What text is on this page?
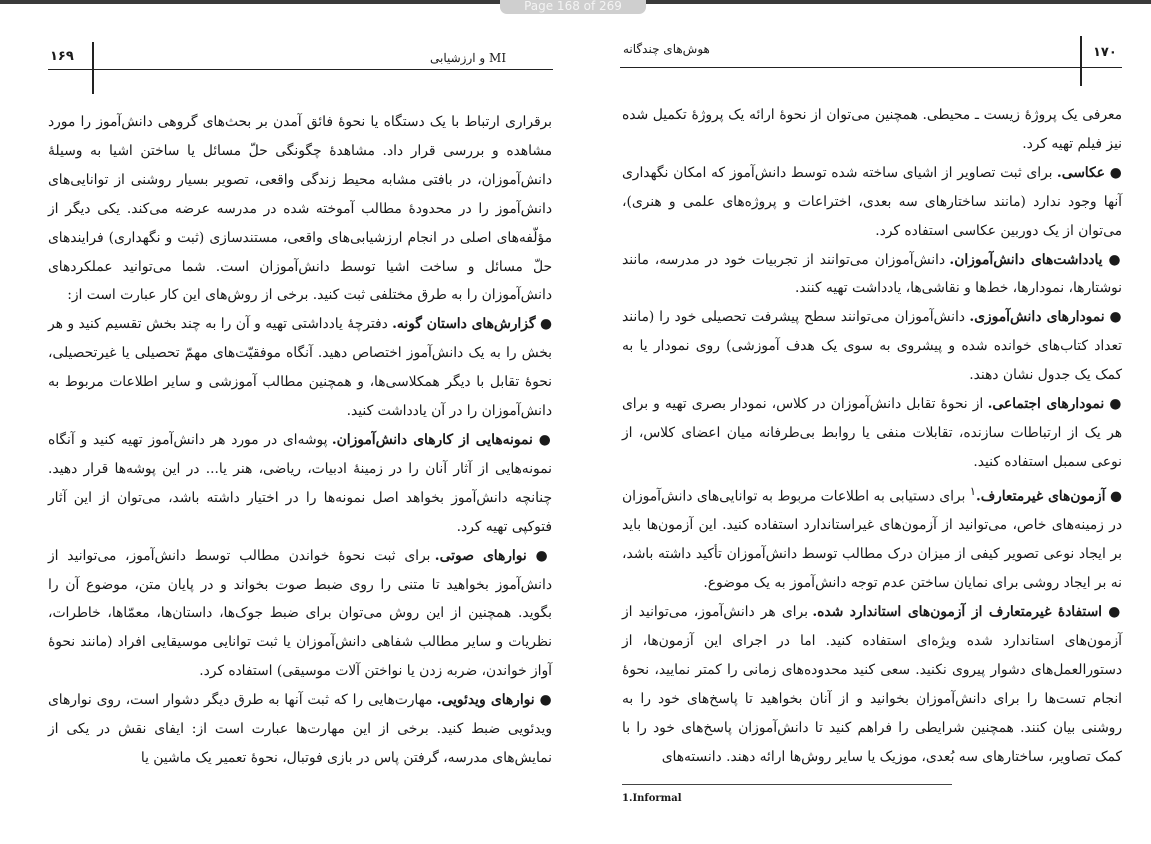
Page 168 of 269
۱۶۹	MI و ارزشیابی

برقراری ارتباط با یک دستگاه یا نحوهٔ فائق آمدن بر بحث‌های گروهی دانش‌آموز را مورد مشاهده و بررسی قرار داد. مشاهدهٔ چگونگی حلّ مسائل یا ساختن اشیا به وسیلهٔ دانش‌آموزان، در بافتی مشابه محیط زندگی واقعی، تصویر بسیار روشنی از توانایی‌های دانش‌آموز را در محدودهٔ مطالب آموخته شده در مدرسه عرضه می‌کند. یکی دیگر از مؤلّفه‌های اصلی در انجام ارزشیابی‌های واقعی، مستندسازی (ثبت و نگهداری) فرایندهای حلّ مسائل و ساخت اشیا توسط دانش‌آموزان است. شما می‌توانید عملکردهای دانش‌آموزان را به طرق مختلفی ثبت کنید. برخی از روش‌های این کار عبارت است از:

● گزارش‌های داستان گونه. دفترچهٔ یادداشتی تهیه و آن را به چند بخش تقسیم کنید و هر بخش را به یک دانش‌آموز اختصاص دهید. آنگاه موفقیّت‌های مهمّ تحصیلی یا غیرتحصیلی، نحوهٔ تقابل با دیگر همکلاسی‌ها، و همچنین مطالب آموزشی و سایر اطلاعات مربوط به دانش‌آموزان را در آن یادداشت کنید.

● نمونه‌هایی از کارهای دانش‌آموزان. پوشه‌ای در مورد هر دانش‌آموز تهیه کنید و آنگاه نمونه‌هایی از آثار آنان را در زمینهٔ ادبیات، ریاضی، هنر یا... در این پوشه‌ها قرار دهید. چنانچه دانش‌آموز بخواهد اصل نمونه‌ها را در اختیار داشته باشد، می‌توان از این آثار فتوکپی تهیه کرد.

● نوارهای صوتی. برای ثبت نحوهٔ خواندن مطالب توسط دانش‌آموز، می‌توانید از دانش‌آموز بخواهید تا متنی را روی ضبط صوت بخواند و در پایان متن، موضوع آن را بگوید. همچنین از این روش می‌توان برای ضبط جوک‌ها، داستان‌ها، معمّاها، خاطرات، نظریات و سایر مطالب شفاهی دانش‌آموزان یا ثبت توانایی موسیقایی افراد (مانند نحوهٔ آواز خواندن، ضربه زدن یا نواختن آلات موسیقی) استفاده کرد.

● نوارهای ویدئویی. مهارت‌هایی را که ثبت آنها به طرق دیگر دشوار است، روی نوارهای ویدئویی ضبط کنید. برخی از این مهارت‌ها عبارت است از: ایفای نقش در یکی از نمایش‌های مدرسه، گرفتن پاس در بازی فوتبال، نحوهٔ تعمیر یک ماشین یا

۱۷۰
هوش‌های چندگانه

معرفی یک پروژهٔ زیست ـ محیطی. همچنین می‌توان از نحوهٔ ارائه یک پروژهٔ تکمیل شده نیز فیلم تهیه کرد.

● عکاسی. برای ثبت تصاویر از اشیای ساخته شده توسط دانش‌آموز که امکان نگهداری آنها وجود ندارد (مانند ساختارهای سه بعدی، اختراعات و پروژه‌های علمی و هنری)، می‌توان از یک دوربین عکاسی استفاده کرد.

● یادداشت‌های دانش‌آموزان. دانش‌آموزان می‌توانند از تجربیات خود در مدرسه، مانند نوشتارها، نمودارها، خط‌ها و نقاشی‌ها، یادداشت تهیه کنند.

● نمودارهای دانش‌آموزی. دانش‌آموزان می‌توانند سطح پیشرفت تحصیلی خود را (مانند تعداد کتاب‌های خوانده شده و پیشروی به سوی یک هدف آموزشی) روی نمودار یا به کمک یک جدول نشان دهند.

● نمودارهای اجتماعی. از نحوهٔ تقابل دانش‌آموزان در کلاس، نمودار بصری تهیه و برای هر یک از ارتباطات سازنده، تقابلات منفی یا روابط بی‌طرفانه میان اعضای کلاس، از نوعی سمبل استفاده کنید.

● آزمون‌های غیرمتعارف.$^۱$ برای دستیابی به اطلاعات مربوط به توانایی‌های دانش‌آموزان در زمینه‌های خاص، می‌توانید از آزمون‌های غیراستاندارد استفاده کنید. این آزمون‌ها باید بر ایجاد نوعی تصویر کیفی از میزان درک مطالب توسط دانش‌آموزان تأکید داشته باشد، نه بر ایجاد روشی برای نمایان ساختن عدم توجه دانش‌آموز به یک موضوع.

● استفادهٔ غیرمتعارف از آزمون‌های استاندارد شده. برای هر دانش‌آموز، می‌توانید از آزمون‌های استاندارد شده ویژه‌ای استفاده کنید. اما در اجرای این آزمون‌ها، از دستورالعمل‌های دشوار پیروی نکنید. سعی کنید محدوده‌های زمانی را کمتر نمایید، نحوهٔ انجام تست‌ها را برای دانش‌آموزان بخوانید و از آنان بخواهید تا پاسخ‌های خود را به روشنی بیان کنند. همچنین شرایطی را فراهم کنید تا دانش‌آموزان پاسخ‌های خود را با کمک تصاویر، ساختارهای سه بُعدی، موزیک یا سایر روش‌ها ارائه دهند. دانسته‌های

1.Informal
